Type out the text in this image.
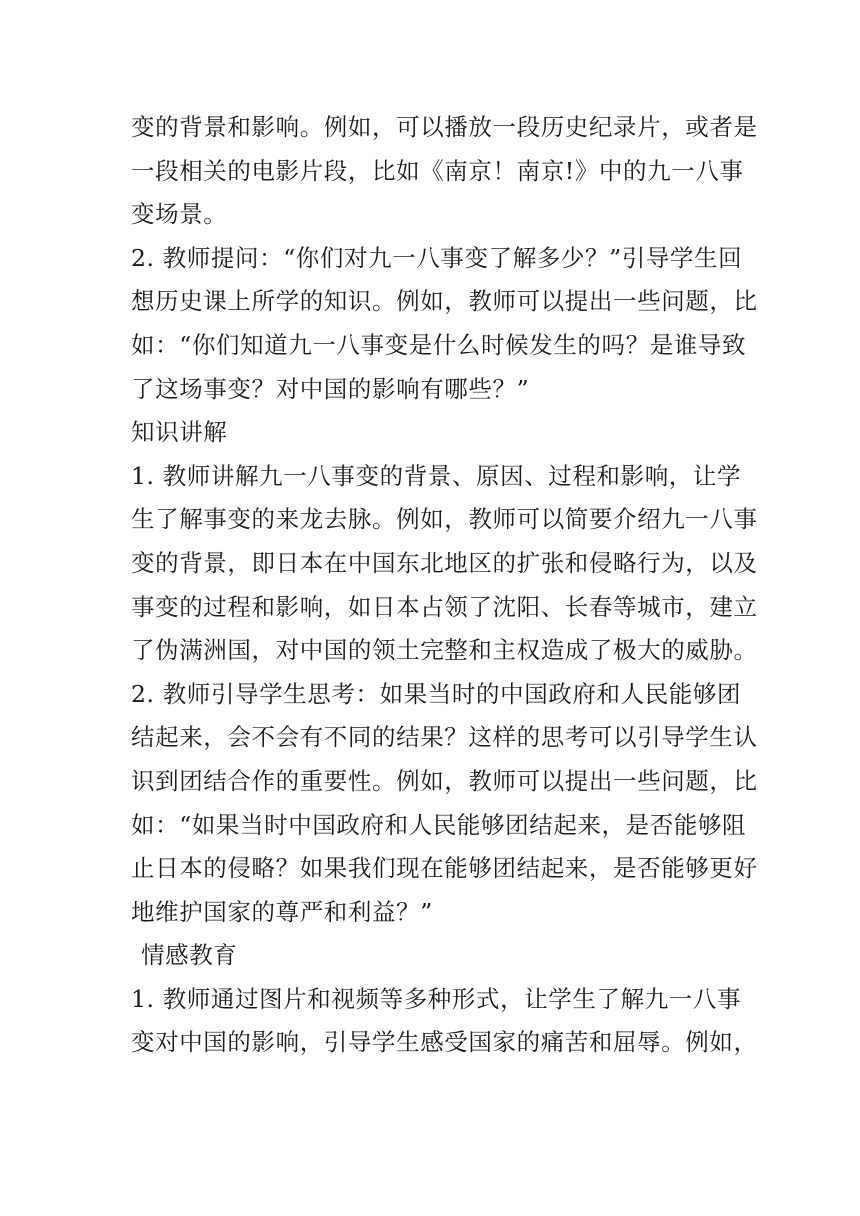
变的背景和影响。例如，可以播放一段历史纪录片，或者是
一段相关的电影片段，比如《南京！南京!》中的九一八事
变场景。
2. 教师提问：“你们对九一八事变了解多少？”引导学生回
想历史课上所学的知识。例如，教师可以提出一些问题，比
如：“你们知道九一八事变是什么时候发生的吗？是谁导致
了这场事变？对中国的影响有哪些？”
知识讲解
1. 教师讲解九一八事变的背景、原因、过程和影响，让学
生了解事变的来龙去脉。例如，教师可以简要介绍九一八事
变的背景，即日本在中国东北地区的扩张和侵略行为，以及
事变的过程和影响，如日本占领了沈阳、长春等城市，建立
了伪满洲国，对中国的领土完整和主权造成了极大的威胁。
2. 教师引导学生思考：如果当时的中国政府和人民能够团
结起来，会不会有不同的结果？这样的思考可以引导学生认
识到团结合作的重要性。例如，教师可以提出一些问题，比
如：“如果当时中国政府和人民能够团结起来，是否能够阻
止日本的侵略？如果我们现在能够团结起来，是否能够更好
地维护国家的尊严和利益？”
情感教育
1. 教师通过图片和视频等多种形式，让学生了解九一八事
变对中国的影响，引导学生感受国家的痛苦和屈辱。例如，
